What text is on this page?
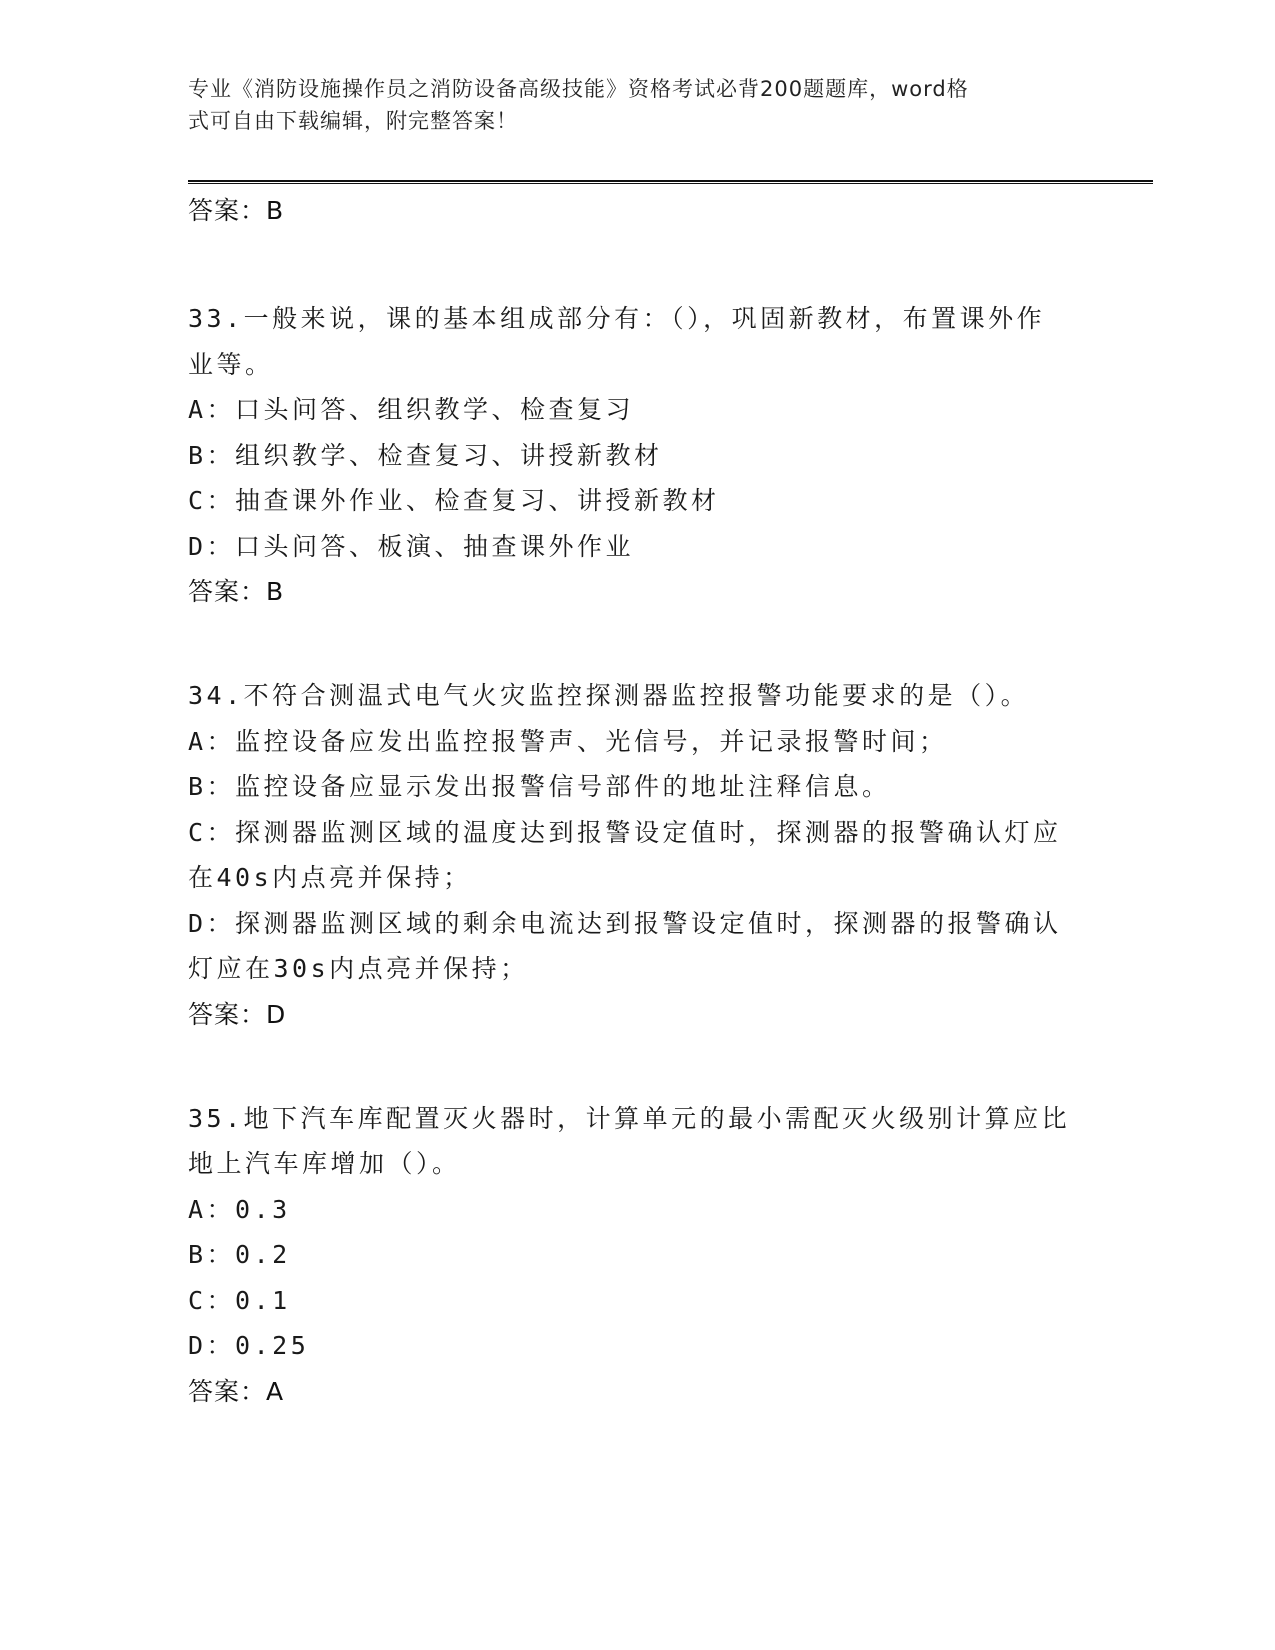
专业《消防设施操作员之消防设备高级技能》资格考试必背200题题库，word格
式可自由下载编辑，附完整答案！
答案：B
33.一般来说，课的基本组成部分有：（），巩固新教材，布置课外作
业等。
A：口头问答、组织教学、检查复习
B：组织教学、检查复习、讲授新教材
C：抽查课外作业、检查复习、讲授新教材
D：口头问答、板演、抽查课外作业
答案：B
34.不符合测温式电气火灾监控探测器监控报警功能要求的是（）。
A：监控设备应发出监控报警声、光信号，并记录报警时间；
B：监控设备应显示发出报警信号部件的地址注释信息。
C：探测器监测区域的温度达到报警设定值时，探测器的报警确认灯应
在40s内点亮并保持；
D：探测器监测区域的剩余电流达到报警设定值时，探测器的报警确认
灯应在30s内点亮并保持；
答案：D
35.地下汽车库配置灭火器时，计算单元的最小需配灭火级别计算应比
地上汽车库增加（）。
A：0.3
B：0.2
C：0.1
D：0.25
答案：A
